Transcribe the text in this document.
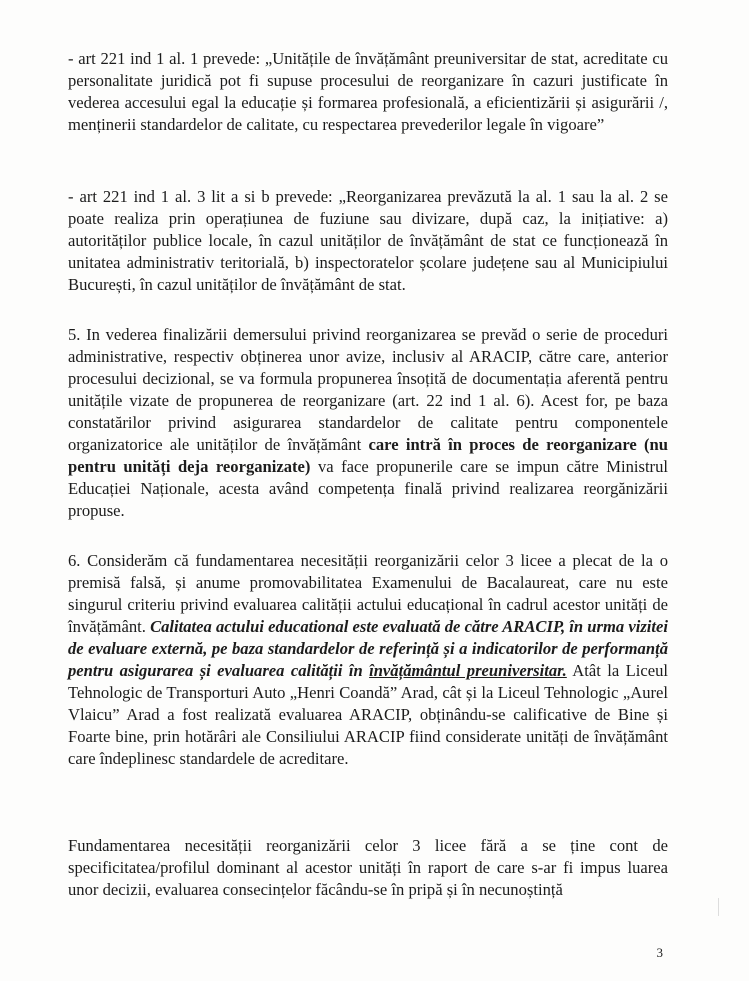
- art 221 ind 1 al. 1 prevede: „Unitățile de învățământ preuniversitar de stat, acreditate cu personalitate juridică pot fi supuse procesului de reorganizare în cazuri justificate în vederea accesului egal la educație și formarea profesională, a eficientizării și asigurării /, menținerii standardelor de calitate, cu respectarea prevederilor legale în vigoare”

- art 221 ind 1 al. 3 lit a si b prevede: „Reorganizarea prevăzută la al. 1 sau la al. 2 se poate realiza prin operațiunea de fuziune sau divizare, după caz, la inițiative: a) autorităților publice locale, în cazul unităților de învățământ de stat ce funcționează în unitatea administrativ teritorială, b) inspectoratelor școlare județene sau al Municipiului București, în cazul unităților de învățământ de stat.

5. In vederea finalizării demersului privind reorganizarea se prevăd o serie de proceduri administrative, respectiv obținerea unor avize, inclusiv al ARACIP, către care, anterior procesului decizional, se va formula propunerea însoțită de documentația aferentă pentru unitățile vizate de propunerea de reorganizare (art. 22 ind 1 al. 6). Acest for, pe baza constatărilor privind asigurarea standardelor de calitate pentru componentele organizatorice ale unităților de învățământ care intră în proces de reorganizare (nu pentru unități deja reorganizate) va face propunerile care se impun către Ministrul Educației Naționale, acesta având competența finală privind realizarea reorgănizării propuse.

6. Considerăm că fundamentarea necesității reorganizării celor 3 licee a plecat de la o premisă falsă, și anume promovabilitatea Examenului de Bacalaureat, care nu este singurul criteriu privind evaluarea calității actului educațional în cadrul acestor unități de învățământ. Calitatea actului educational este evaluată de către ARACIP, în urma vizitei de evaluare externă, pe baza standardelor de referință și a indicatorilor de performanță pentru asigurarea și evaluarea calității în învățământul preuniversitar. Atât la Liceul Tehnologic de Transporturi Auto „Henri Coandă” Arad, cât și la Liceul Tehnologic „Aurel Vlaicu” Arad a fost realizată evaluarea ARACIP, obținându-se calificative de Bine și Foarte bine, prin hotărâri ale Consiliului ARACIP fiind considerate unități de învățământ care îndeplinesc standardele de acreditare.

Fundamentarea necesității reorganizării celor 3 licee fără a se ține cont de specificitatea/profilul dominant al acestor unități în raport de care s-ar fi impus luarea unor decizii, evaluarea consecințelor făcându-se în pripă și în necunoștință

3
